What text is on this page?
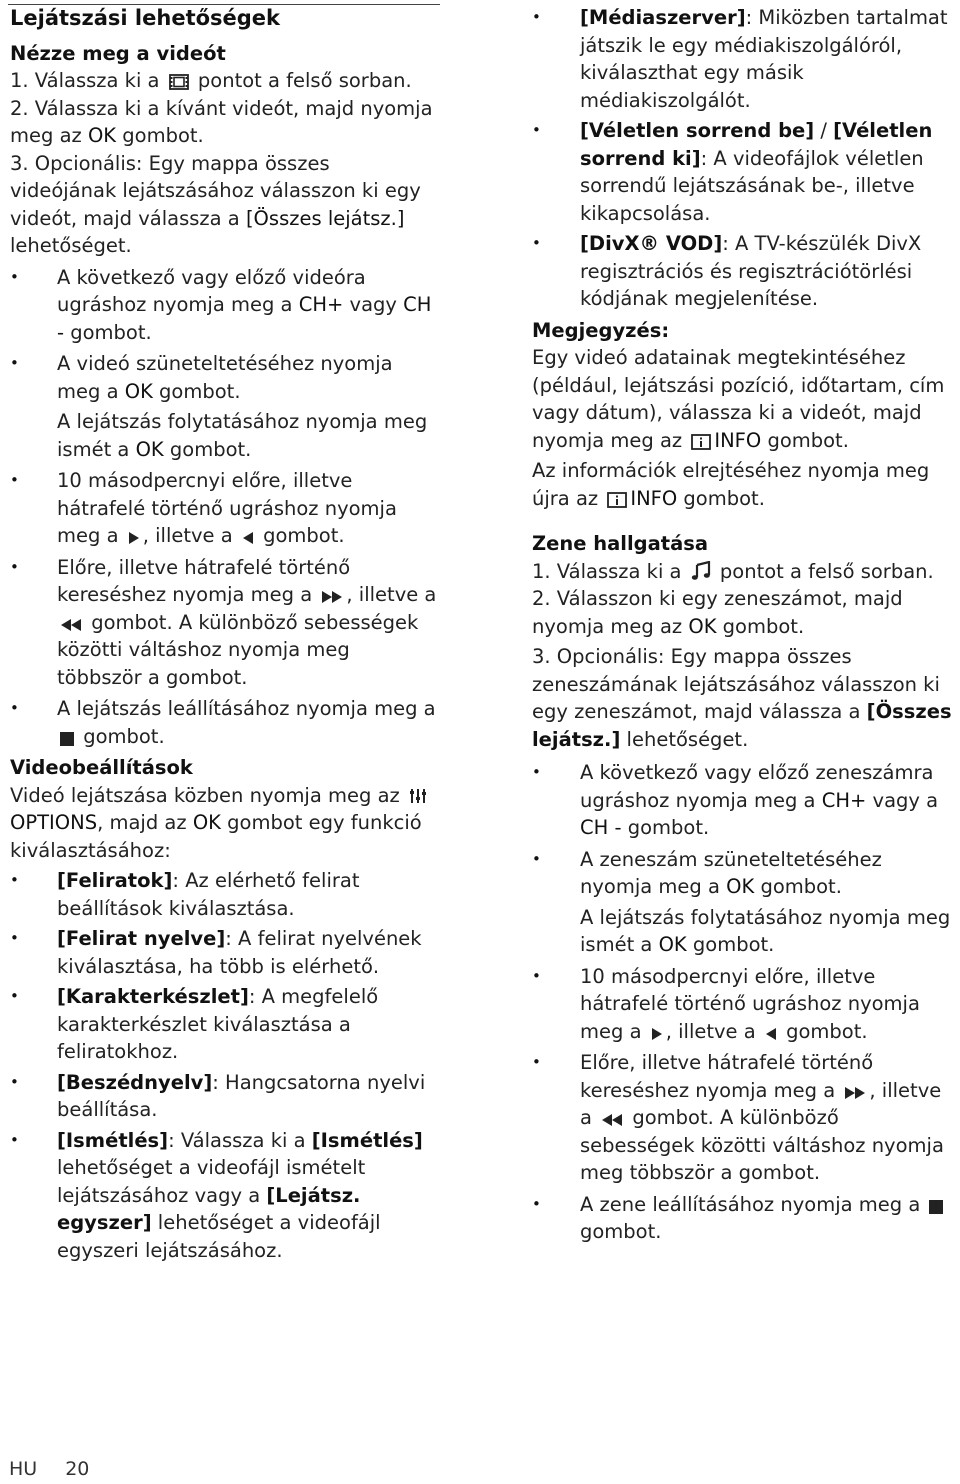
Lejátszási lehetőségek
Nézze meg a videót

1. Válassza ki a
pontot a felső sorban.

2. Válassza ki a kívánt videót, majd nyomja meg az OK gombot.

3. Opcionális: Egy mappa összes videójának lejátszásához válasszon ki egy videót, majd válassza a [Összes lejátsz.] lehetőséget.

• A következő vagy előző videóra ugráshoz nyomja meg a CH+ vagy CH - gombot.
• A videó szüneteltetéséhez nyomja meg a OK gombot.

A lejátszás folytatásához nyomja meg ismét a OK gombot.

• 10 másodpercnyi előre, illetve hátrafelé történő ugráshoz nyomja meg a
, illetve a
gombot.
• Előre, illetve hátrafelé történő kereséshez nyomja meg a
, illetve a
gombot. A különböző sebességek közötti váltáshoz nyomja meg többször a gombot.
• A lejátszás leállításához nyomja meg a
gombot.
Videobeállítások

Videó lejátszása közben nyomja meg az
OPTIONS, majd az OK gombot egy funkció kiválasztásához:

• [Feliratok]: Az elérhető felirat beállítások kiválasztása.
• [Felirat nyelve]: A felirat nyelvének kiválasztása, ha több is elérhető.
• [Karakterkészlet]: A megfelelő karakterkészlet kiválasztása a feliratokhoz.
• [Beszédnyelv]: Hangcsatorna nyelvi beállítása.
• [Ismétlés]: Válassza ki a [Ismétlés] lehetőséget a videofájl ismételt lejátszásához vagy a [Lejátsz. egyszer] lehetőséget a videofájl egyszeri lejátszásához.
• [Médiaszerver]: Miközben tartalmat játszik le egy médiakiszolgálóról, kiválaszthat egy másik médiakiszolgálót.
• [Véletlen sorrend be] / [Véletlen sorrend ki]: A videofájlok véletlen sorrendű lejátszásának be-, illetve kikapcsolása.
• [DivX® VOD]: A TV-készülék DivX regisztrációs és regisztrációtörlési kódjának megjelenítése.
Megjegyzés:

Egy videó adatainak megtekintéséhez (például, lejátszási pozíció, időtartam, cím vagy dátum), válassza ki a videót, majd nyomja meg az
INFO gombot.

Az információk elrejtéséhez nyomja meg újra az
INFO gombot.

Zene hallgatása

1. Válassza ki a
pontot a felső sorban.

2. Válasszon ki egy zeneszámot, majd nyomja meg az OK gombot.

3. Opcionális: Egy mappa összes zeneszámának lejátszásához válasszon ki egy zeneszámot, majd válassza a [Összes lejátsz.] lehetőséget.

• A következő vagy előző zeneszámra ugráshoz nyomja meg a CH+ vagy a CH - gombot.
• A zeneszám szüneteltetéséhez nyomja meg a OK gombot.

A lejátszás folytatásához nyomja meg ismét a OK gombot.

• 10 másodpercnyi előre, illetve hátrafelé történő ugráshoz nyomja meg a
, illetve a
gombot.
• Előre, illetve hátrafelé történő kereséshez nyomja meg a
, illetve a
gombot. A különböző sebességek közötti váltáshoz nyomja meg többször a gombot.
• A zene leállításához nyomja meg a
gombot.
HU 20
